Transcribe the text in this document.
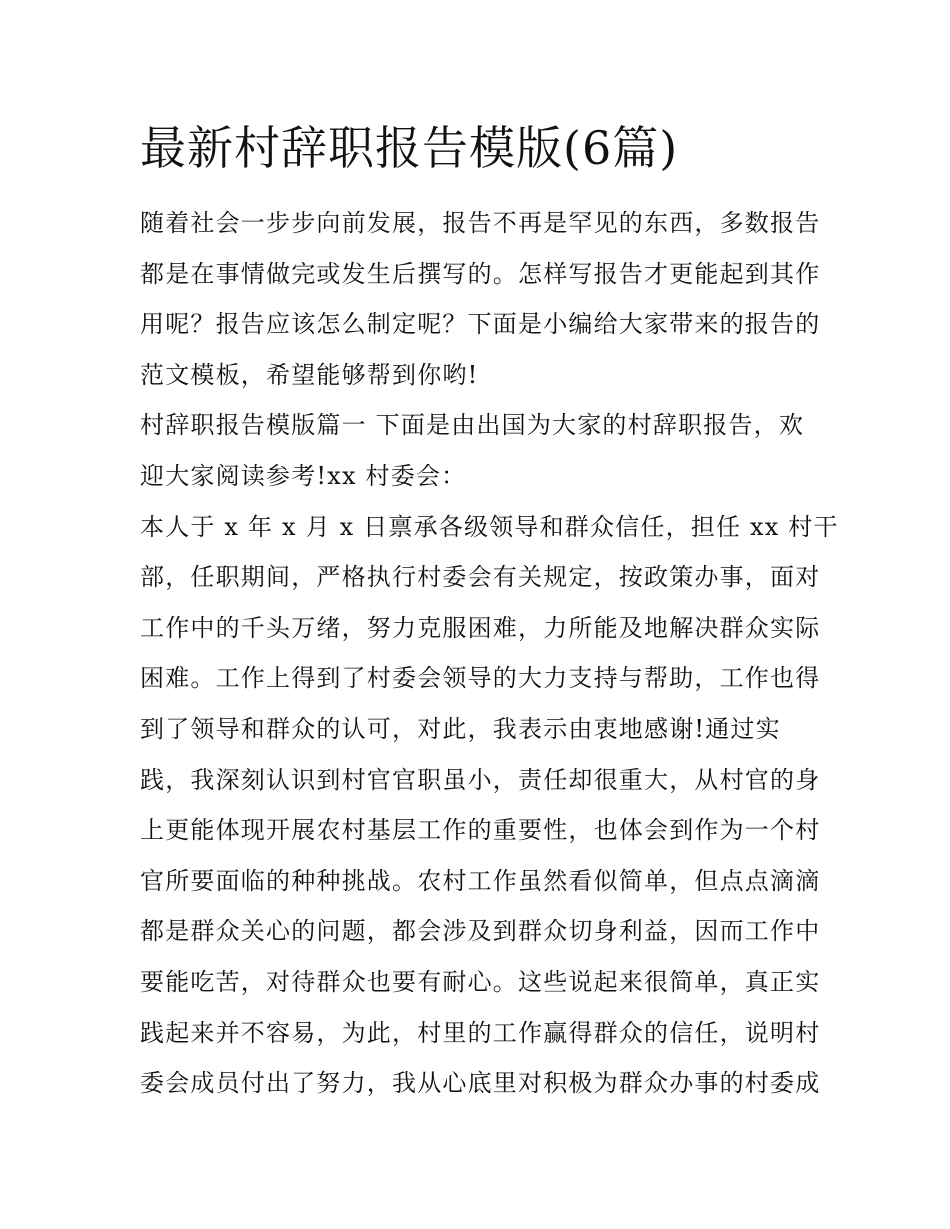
最新村辞职报告模版(6篇)
随着社会一步步向前发展，报告不再是罕见的东西，多数报告
都是在事情做完或发生后撰写的。怎样写报告才更能起到其作
用呢？报告应该怎么制定呢？下面是小编给大家带来的报告的
范文模板，希望能够帮到你哟!
村辞职报告模版篇一 下面是由出国为大家的村辞职报告，欢
迎大家阅读参考!xx 村委会：
本人于 x 年 x 月 x 日禀承各级领导和群众信任，担任 xx 村干
部，任职期间，严格执行村委会有关规定，按政策办事，面对
工作中的千头万绪，努力克服困难，力所能及地解决群众实际
困难。工作上得到了村委会领导的大力支持与帮助，工作也得
到了领导和群众的认可，对此，我表示由衷地感谢!通过实
践，我深刻认识到村官官职虽小，责任却很重大，从村官的身
上更能体现开展农村基层工作的重要性，也体会到作为一个村
官所要面临的种种挑战。农村工作虽然看似简单，但点点滴滴
都是群众关心的问题，都会涉及到群众切身利益，因而工作中
要能吃苦，对待群众也要有耐心。这些说起来很简单，真正实
践起来并不容易，为此，村里的工作赢得群众的信任，说明村
委会成员付出了努力，我从心底里对积极为群众办事的村委成
